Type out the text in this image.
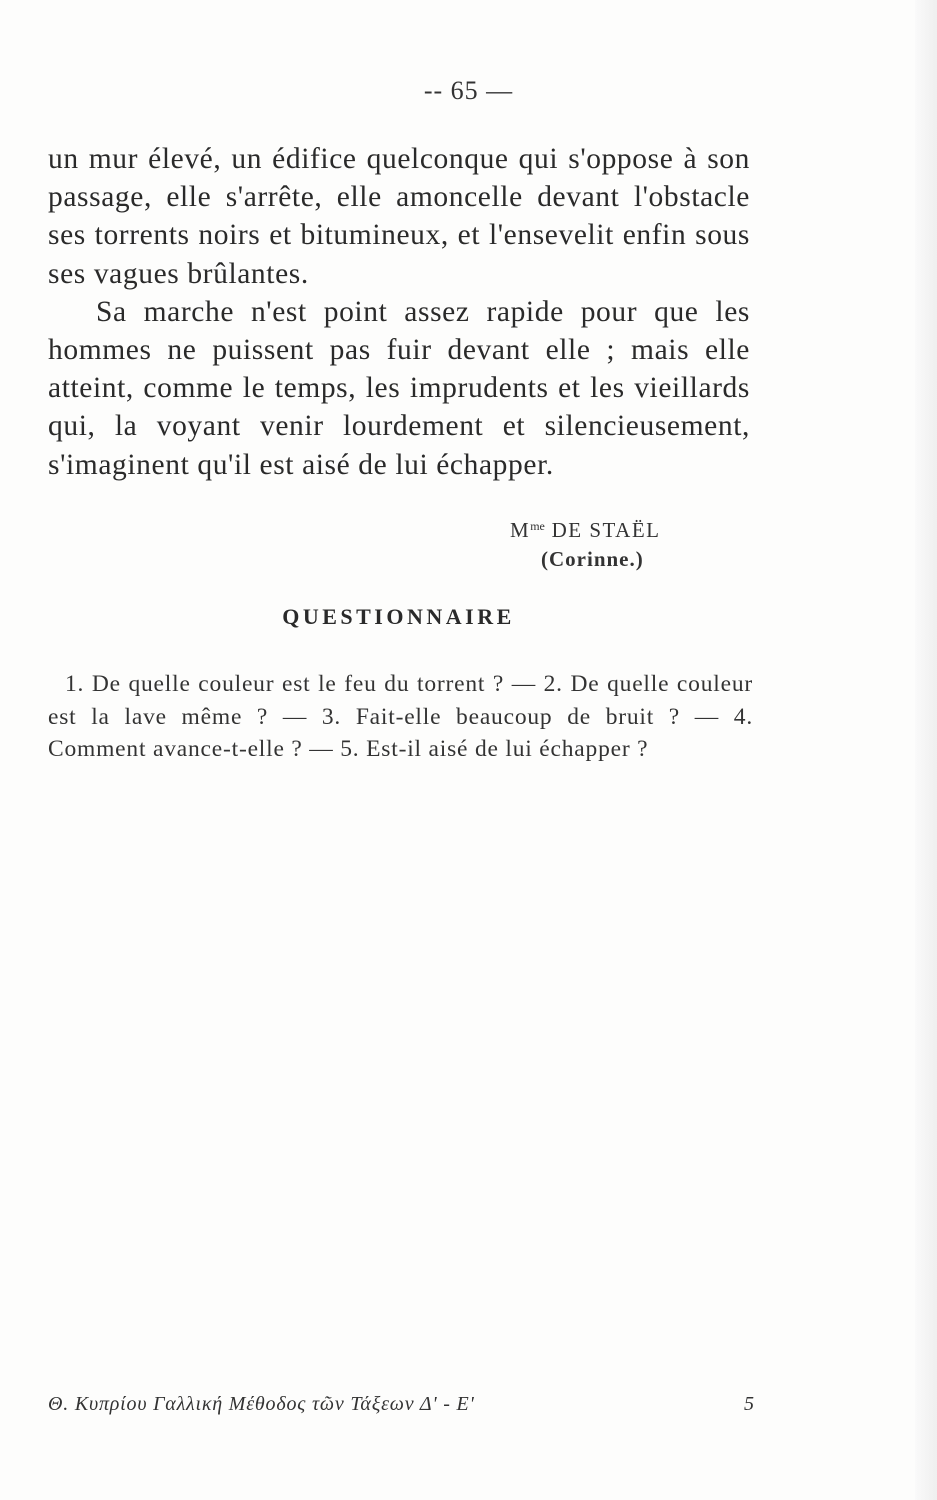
-- 65 —

un mur élevé, un édifice quelconque qui s'oppose à son passage, elle s'arrête, elle amoncelle devant l'obstacle ses torrents noirs et bitumineux, et l'ensevelit enfin sous ses vagues brûlantes.

Sa marche n'est point assez rapide pour que les hommes ne puissent pas fuir devant elle ; mais elle atteint, comme le temps, les imprudents et les vieillards qui, la voyant venir lourdement et silencieusement, s'imaginent qu'il est aisé de lui échapper.

$M^{me}$ DE STAËL
(Corinne.)
QUESTIONNAIRE
1. De quelle couleur est le feu du torrent ? — 2. De quelle couleur est la lave même ? — 3. Fait-elle beaucoup de bruit ? — 4. Comment avance-t-elle ? — 5. Est-il aisé de lui échapper ?
Θ. Κυπρίου Γαλλική Μέθοδος τῶν Τάξεων Δ' - Ε'	5
